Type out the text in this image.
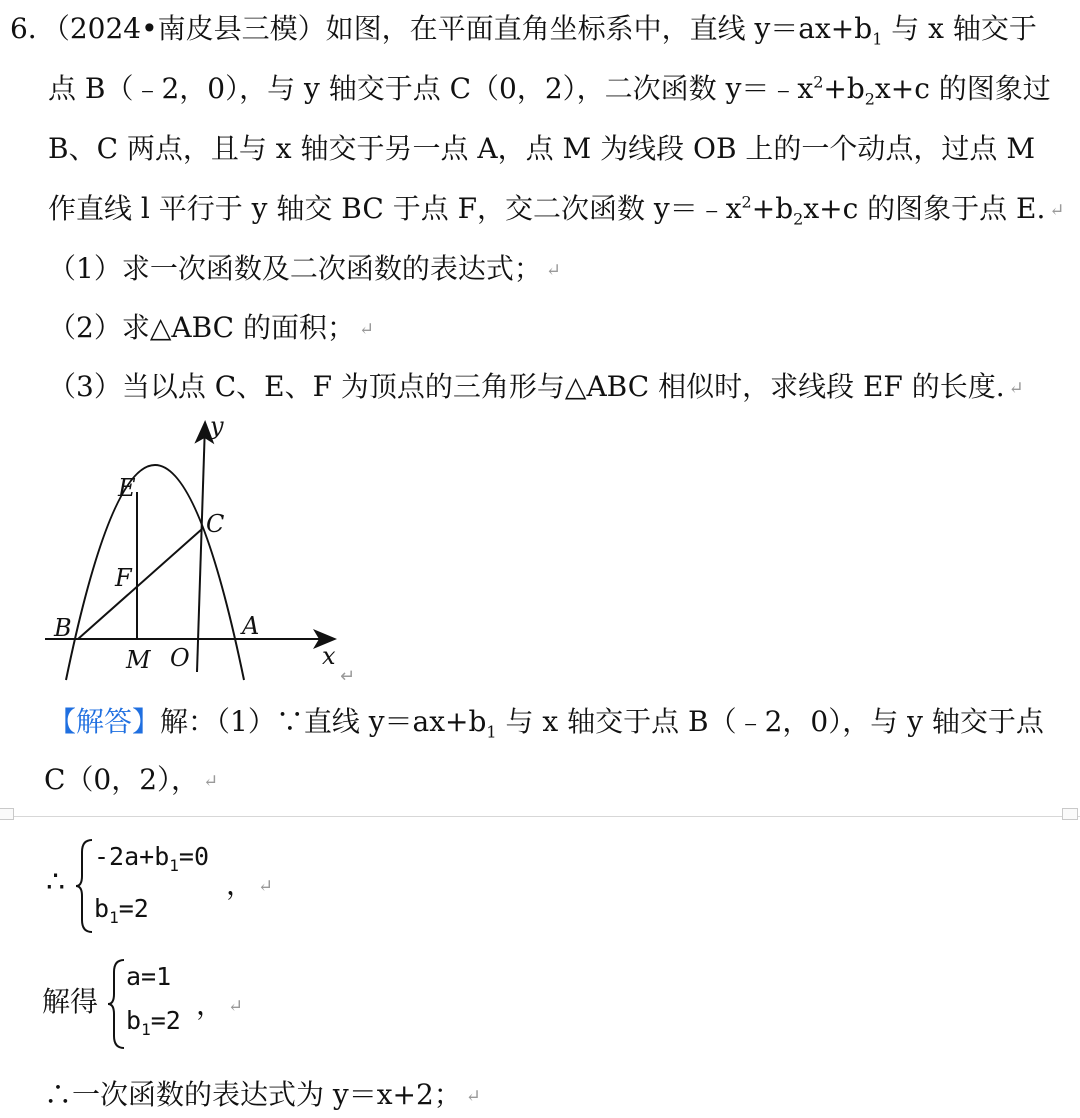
6．（2024•南皮县三模）如图，在平面直角坐标系中，直线 $y=ax+b_1$ 与 x 轴交于
点 B（﹣2，0），与 y 轴交于点 C（0，2），二次函数 $y=﹣x^2+b_2x+c$ 的图象过
B、C 两点，且与 x 轴交于另一点 A，点 M 为线段 OB 上的一个动点，过点 M
作直线 l 平行于 y 轴交 BC 于点 F，交二次函数 $y=﹣x^2+b_2x+c$ 的图象于点 E. ↵
（1）求一次函数及二次函数的表达式； ↵
（2）求△ABC 的面积； ↵
（3）当以点 C、E、F 为顶点的三角形与△ABC 相似时，求线段 EF 的长度. ↵
y
x
E
C
F
B	A
M O
↵
【解答】解：（1）∵直线 $y=ax+b_1$ 与 x 轴交于点 B（﹣2，0），与 y 轴交于点
C（0，2）， ↵
∴
$-2a+b_1=0$
$b_1=2$
， ↵
解得
a=1
$b_1=2$ ， ↵
∴一次函数的表达式为 y＝x+2； ↵
